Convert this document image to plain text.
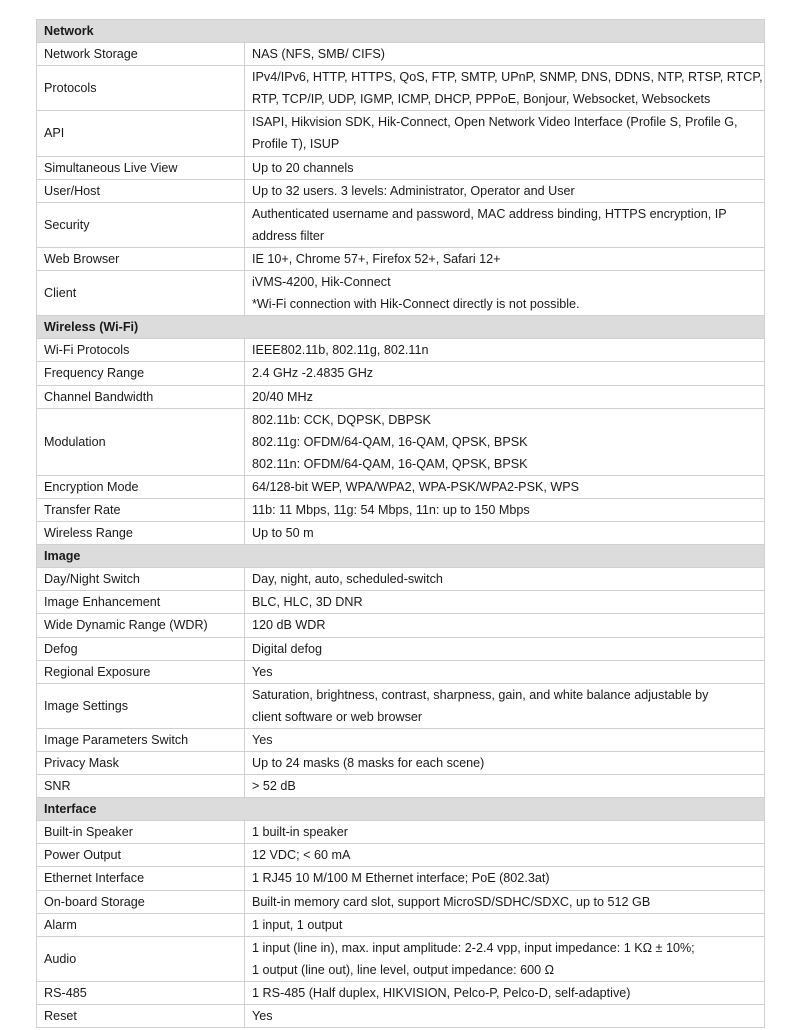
Network	
Network Storage	NAS (NFS, SMB/ CIFS)

Protocols	IPv4/IPv6, HTTP, HTTPS, QoS, FTP, SMTP, UPnP, SNMP, DNS, DDNS, NTP, RTSP, RTCP,
RTP, TCP/IP, UDP, IGMP, ICMP, DHCP, PPPoE, Bonjour, Websocket, Websockets

API	ISAPI, Hikvision SDK, Hik-Connect, Open Network Video Interface (Profile S, Profile G,
Profile T), ISUP

Simultaneous Live View	Up to 20 channels

User/Host	Up to 32 users. 3 levels: Administrator, Operator and User

Security	Authenticated username and password, MAC address binding, HTTPS encryption, IP
address filter

Web Browser	IE 10+, Chrome 57+, Firefox 52+, Safari 12+

Client	iVMS-4200, Hik-Connect
*Wi-Fi connection with Hik-Connect directly is not possible.

Wireless (Wi-Fi)	
Wi-Fi Protocols	IEEE802.11b, 802.11g, 802.11n

Frequency Range	2.4 GHz -2.4835 GHz

Channel Bandwidth	20/40 MHz

Modulation	802.11b: CCK, DQPSK, DBPSK
802.11g: OFDM/64-QAM, 16-QAM, QPSK, BPSK
802.11n: OFDM/64-QAM, 16-QAM, QPSK, BPSK

Encryption Mode	64/128-bit WEP, WPA/WPA2, WPA-PSK/WPA2-PSK, WPS

Transfer Rate	11b: 11 Mbps, 11g: 54 Mbps, 11n: up to 150 Mbps

Wireless Range	Up to 50 m

Image	
Day/Night Switch	Day, night, auto, scheduled-switch

Image Enhancement	BLC, HLC, 3D DNR

Wide Dynamic Range (WDR)	120 dB WDR

Defog	Digital defog

Regional Exposure	Yes

Image Settings	Saturation, brightness, contrast, sharpness, gain, and white balance adjustable by
client software or web browser

Image Parameters Switch	Yes

Privacy Mask	Up to 24 masks (8 masks for each scene)

SNR	> 52 dB

Interface	
Built-in Speaker	1 built-in speaker

Power Output	12 VDC; < 60 mA

Ethernet Interface	1 RJ45 10 M/100 M Ethernet interface; PoE (802.3at)

On-board Storage	Built-in memory card slot, support MicroSD/SDHC/SDXC, up to 512 GB

Alarm	1 input, 1 output

Audio	1 input (line in), max. input amplitude: 2-2.4 vpp, input impedance: 1 KΩ ± 10%;
1 output (line out), line level, output impedance: 600 Ω

RS-485	1 RS-485 (Half duplex, HIKVISION, Pelco-P, Pelco-D, self-adaptive)

Reset	Yes
